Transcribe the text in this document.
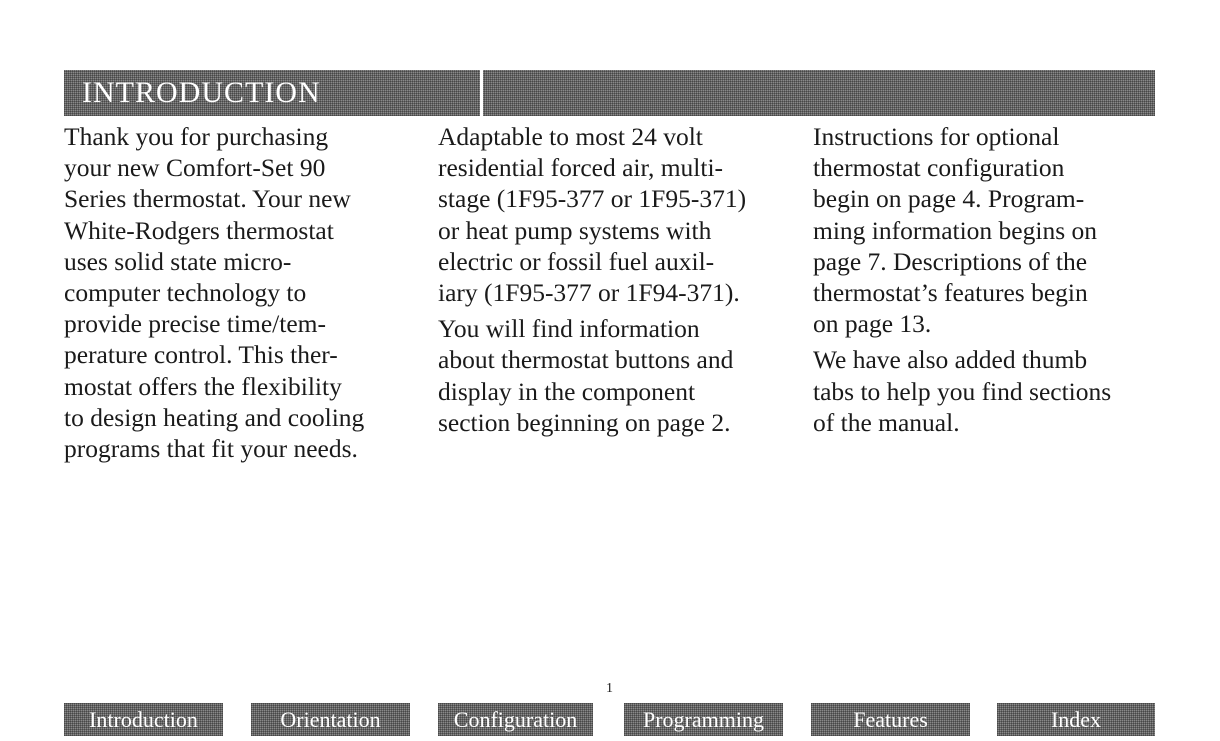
INTRODUCTION

Thank you for purchasing
your new Comfort-Set 90
Series thermostat. Your new
White-Rodgers thermostat
uses solid state micro-
computer technology to
provide precise time/tem-
perature control. This ther-
mostat offers the flexibility
to design heating and cooling
programs that fit your needs.

Adaptable to most 24 volt
residential forced air, multi-
stage (1F95-377 or 1F95-371)
or heat pump systems with
electric or fossil fuel auxil-
iary (1F95-377 or 1F94-371).

You will find information
about thermostat buttons and
display in the component
section beginning on page 2.

Instructions for optional
thermostat configuration
begin on page 4. Program-
ming information begins on
page 7. Descriptions of the
thermostat’s features begin
on page 13.

We have also added thumb
tabs to help you find sections
of the manual.

1
Introduction	Orientation	Configuration	Programming	Features	Index
